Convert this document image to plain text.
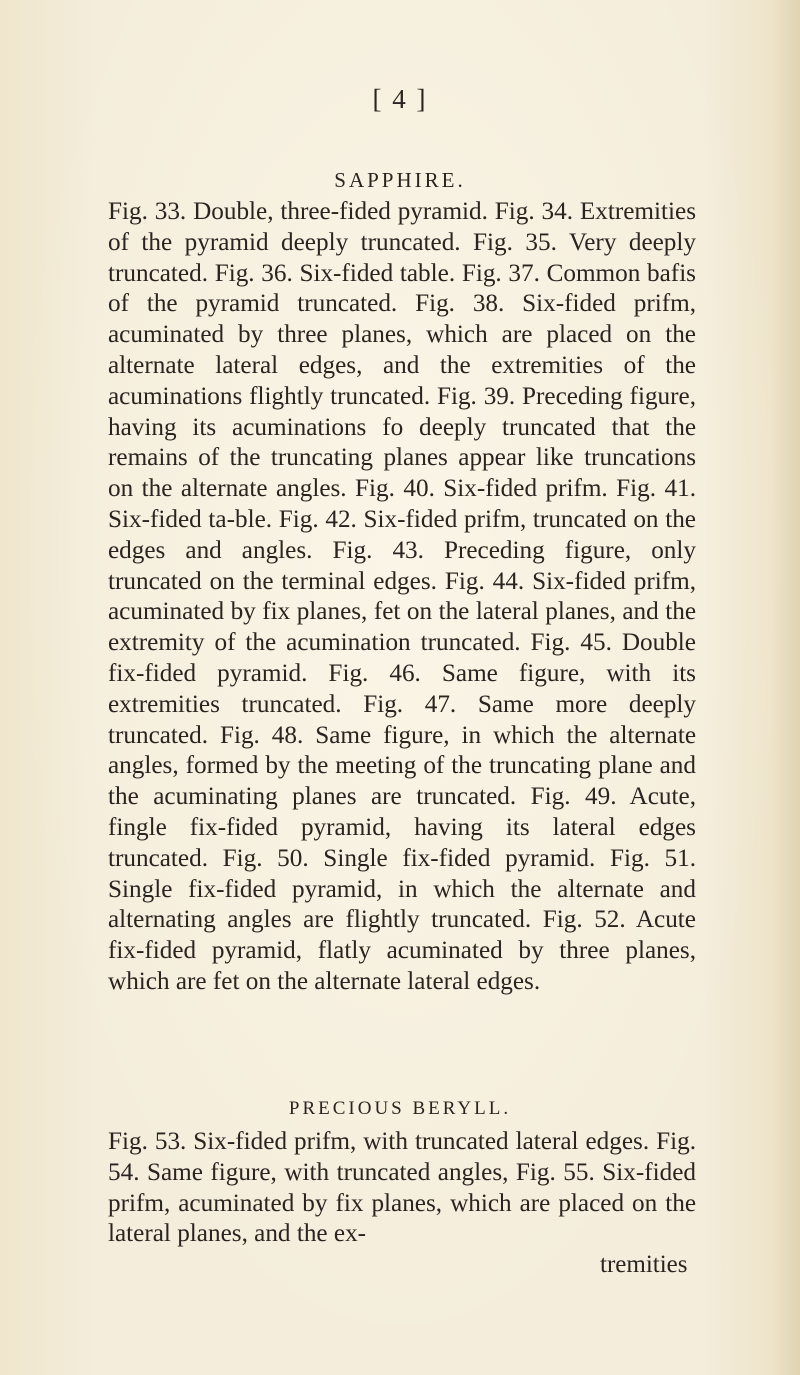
[ 4 ]
SAPPHIRE.
Fig. 33. Double, three-fided pyramid. Fig. 34. Extremities of the pyramid deeply truncated. Fig. 35. Very deeply truncated. Fig. 36. Six-fided table. Fig. 37. Common bafis of the pyramid truncated. Fig. 38. Six-fided prifm, acuminated by three planes, which are placed on the alternate lateral edges, and the extremities of the acuminations flightly truncated. Fig. 39. Preceding figure, having its acuminations fo deeply truncated that the remains of the truncating planes appear like truncations on the alternate angles. Fig. 40. Six-fided prifm. Fig. 41. Six-fided ta-ble. Fig. 42. Six-fided prifm, truncated on the edges and angles. Fig. 43. Preceding figure, only truncated on the terminal edges. Fig. 44. Six-fided prifm, acuminated by fix planes, fet on the lateral planes, and the extremity of the acumination truncated. Fig. 45. Double fix-fided pyramid. Fig. 46. Same figure, with its extremities truncated. Fig. 47. Same more deeply truncated. Fig. 48. Same figure, in which the alternate angles, formed by the meeting of the truncating plane and the acuminating planes are truncated. Fig. 49. Acute, fingle fix-fided pyramid, having its lateral edges truncated. Fig. 50. Single fix-fided pyramid. Fig. 51. Single fix-fided pyramid, in which the alternate and alternating angles are flightly truncated. Fig. 52. Acute fix-fided pyramid, flatly acuminated by three planes, which are fet on the alternate lateral edges.
PRECIOUS BERYLL.
Fig. 53. Six-fided prifm, with truncated lateral edges. Fig. 54. Same figure, with truncated angles, Fig. 55. Six-fided prifm, acuminated by fix planes, which are placed on the lateral planes, and the ex-
tremities
